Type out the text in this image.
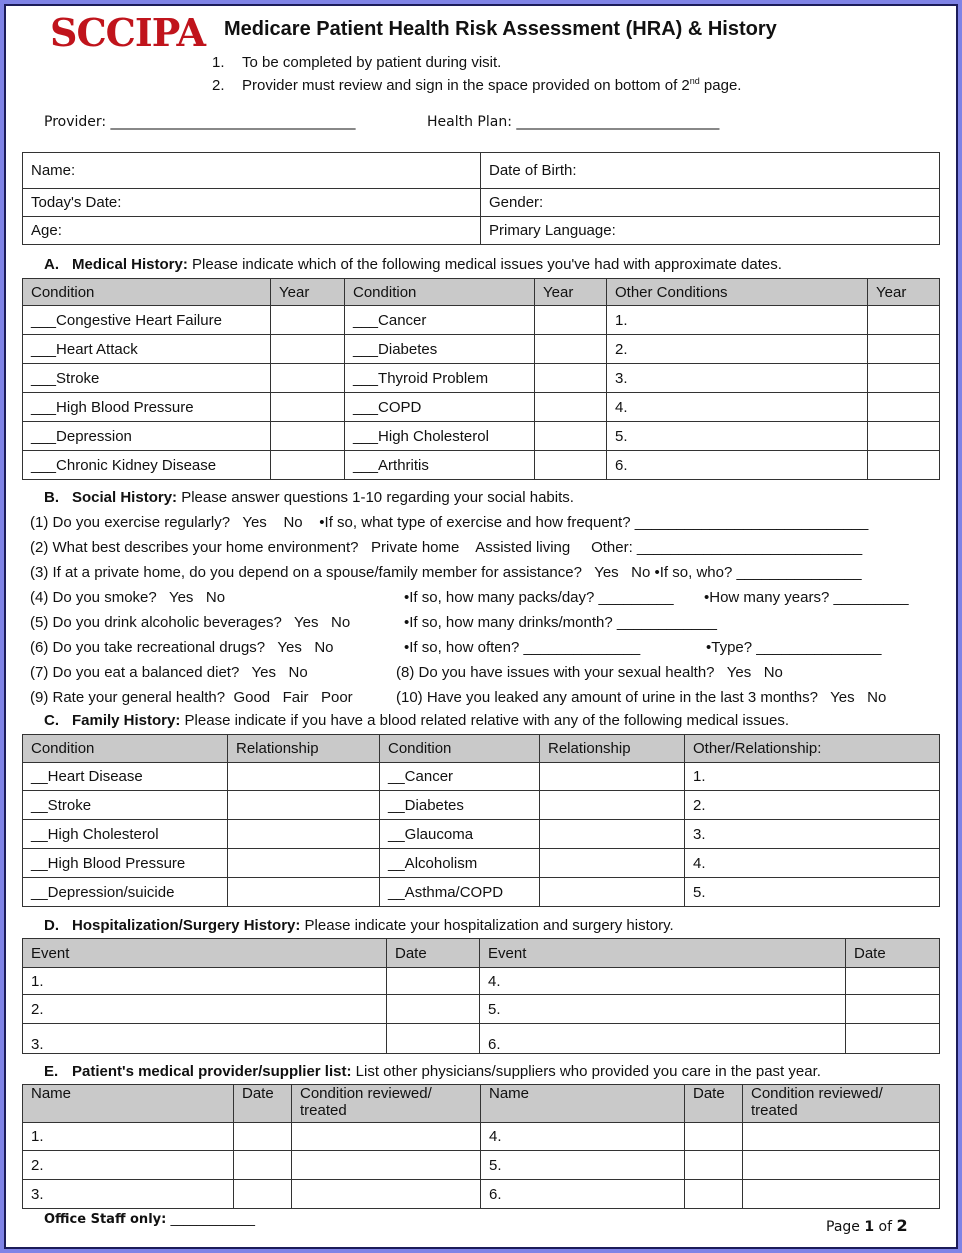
SCCIPA Medicare Patient Health Risk Assessment (HRA) & History
1. To be completed by patient during visit.
2. Provider must review and sign in the space provided on bottom of 2nd page.
Provider: ___________________________________	Health Plan: _____________________________
Name:	Date of Birth:
Today's Date:	Gender:
Age:	Primary Language:
A. Medical History: Please indicate which of the following medical issues you've had with approximate dates.
Condition	Year	Condition	Year	Other Conditions	Year
___Congestive Heart Failure		___Cancer		1.	
___Heart Attack		___Diabetes		2.	
___Stroke		___Thyroid Problem		3.	
___High Blood Pressure		___COPD		4.	
___Depression		___High Cholesterol		5.	
___Chronic Kidney Disease		___Arthritis		6.	
B. Social History: Please answer questions 1-10 regarding your social habits.
(1) Do you exercise regularly?   Yes    No    •If so, what type of exercise and how frequent? ____________________________
(2) What best describes your home environment?   Private home    Assisted living     Other: ___________________________
(3) If at a private home, do you depend on a spouse/family member for assistance?   Yes   No •If so, who? _______________
(4) Do you smoke?   Yes   No	•If so, how many packs/day? _________ •How many years? _________
(5) Do you drink alcoholic beverages?   Yes   No	•If so, how many drinks/month? ____________
(6) Do you take recreational drugs?   Yes   No	•If so, how often? ______________	•Type? _______________
(7) Do you eat a balanced diet?   Yes   No	(8) Do you have issues with your sexual health?   Yes   No
(9) Rate your general health?  Good   Fair   Poor	(10) Have you leaked any amount of urine in the last 3 months?   Yes   No
C. Family History: Please indicate if you have a blood related relative with any of the following medical issues.
Condition	Relationship	Condition	Relationship	Other/Relationship:
__Heart Disease		__Cancer		1.
__Stroke		__Diabetes		2.
__High Cholesterol		__Glaucoma		3.
__High Blood Pressure		__Alcoholism		4.
__Depression/suicide		__Asthma/COPD		5.
D. Hospitalization/Surgery History: Please indicate your hospitalization and surgery history.
Event	Date	Event	Date
1.		4.	
2.		5.	
3.		6.	
E. Patient's medical provider/supplier list: List other physicians/suppliers who provided you care in the past year.
Name	Date	Condition reviewed/ treated	Name	Date	Condition reviewed/ treated
1.			4.		
2.			5.		
3.			6.		
Office Staff only: _____________	Page 1 of 2
